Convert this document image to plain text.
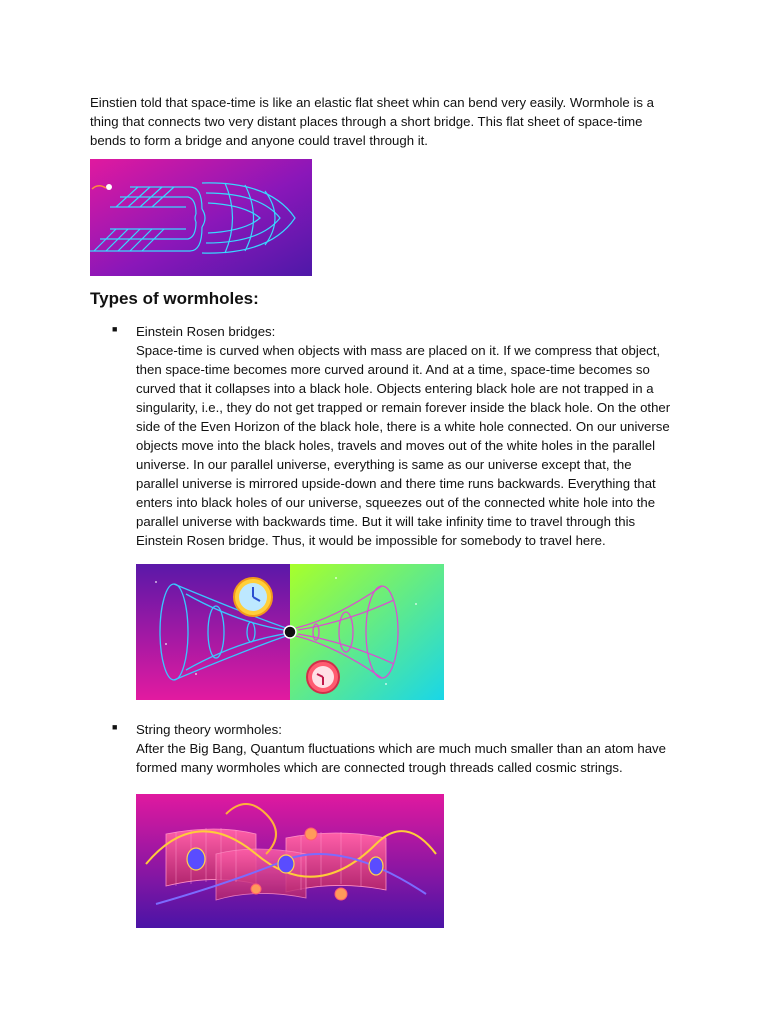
Einstien told that space-time is like an elastic flat sheet whin can bend very easily. Wormhole is a thing that connects two very distant places through a short bridge. This flat sheet of space-time bends to form a bridge and anyone could travel through it.

Types of wormholes:
■ Einstein Rosen bridges:

Space-time is curved when objects with mass are placed on it. If we compress that object, then space-time becomes more curved around it. And at a time, space-time becomes so curved that it collapses into a black hole. Objects entering black hole are not trapped in a singularity, i.e., they do not get trapped or remain forever inside the black hole. On the other side of the Even Horizon of the black hole, there is a white hole connected. On our universe objects move into the black holes, travels and moves out of the white holes in the parallel universe. In our parallel universe, everything is same as our universe except that, the parallel universe is mirrored upside-down and there time runs backwards. Everything that enters into black holes of our universe, squeezes out of the connected white hole into the parallel universe with backwards time. But it will take infinity time to travel through this Einstein Rosen bridge. Thus, it would be impossible for somebody to travel here.

■ String theory wormholes:

After the Big Bang, Quantum fluctuations which are much much smaller than an atom have formed many wormholes which are connected trough threads called cosmic strings.
